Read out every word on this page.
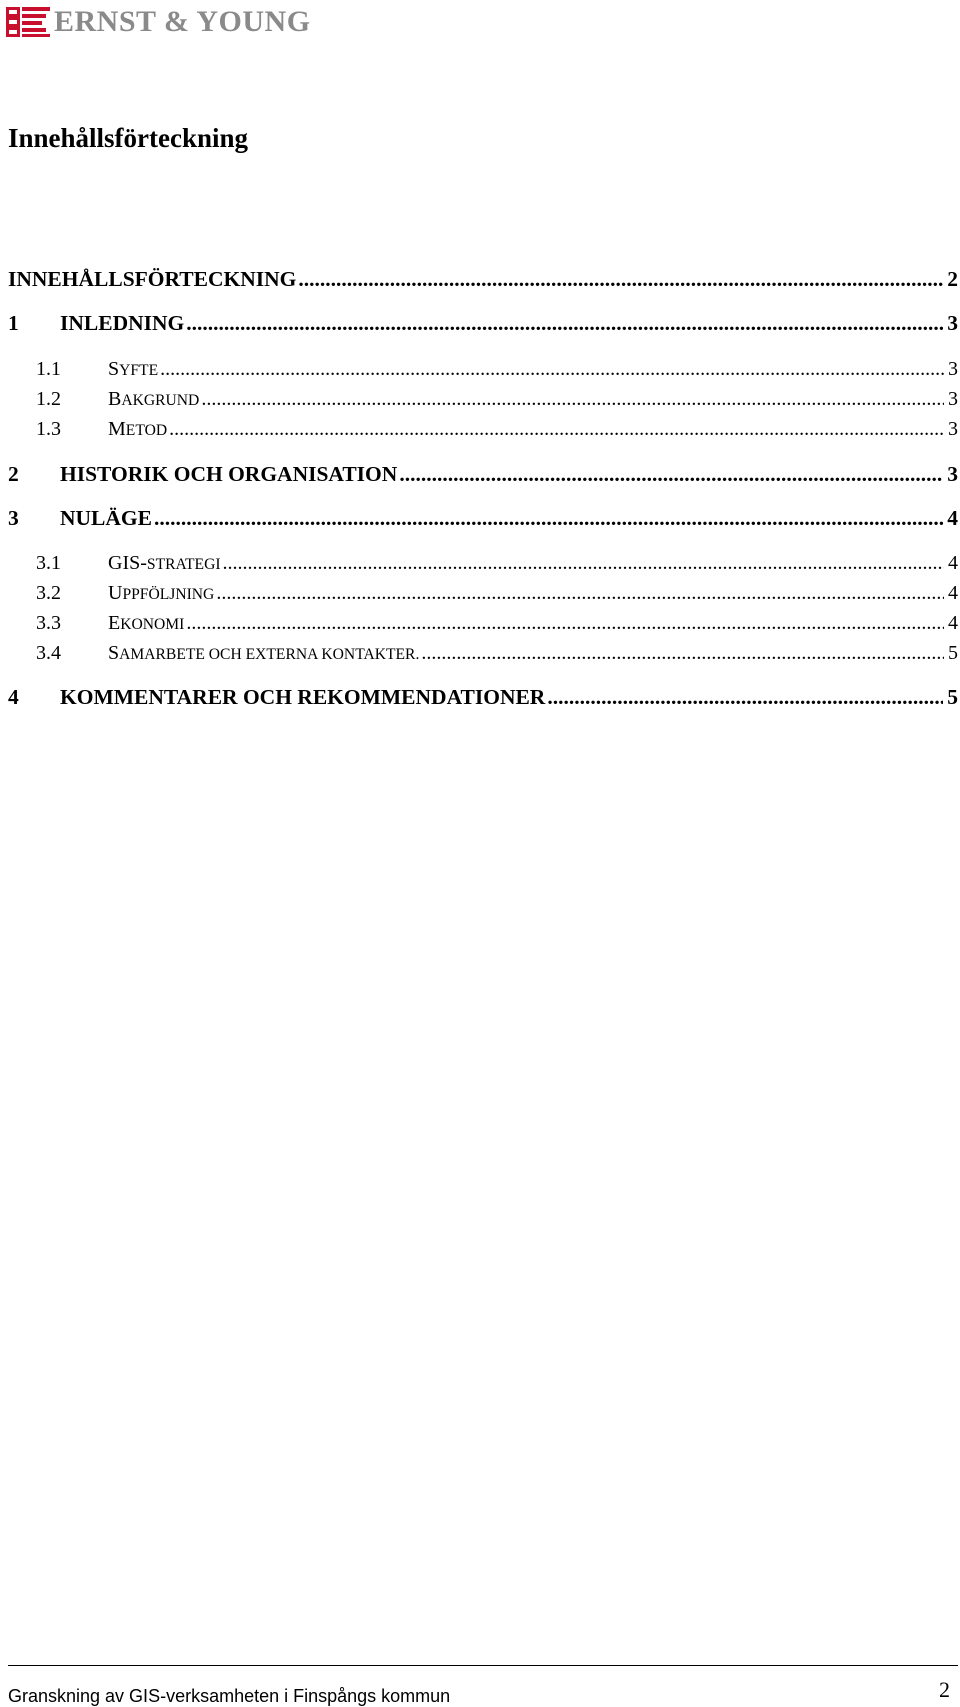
ERNST & YOUNG
Innehållsförteckning
INNEHÅLLSFÖRTECKNING .....	2
1	INLEDNING .....	3
1.1	SYFTE .....	3
1.2	BAKGRUND .....	3
1.3	METOD .....	3
2	HISTORIK OCH ORGANISATION .....	3
3	NULÄGE .....	4
3.1	GIS-STRATEGI .....	4
3.2	UPPFÖLJNING .....	4
3.3	EKONOMI .....	4
3.4	SAMARBETE OCH EXTERNA KONTAKTER. .....	5
4	KOMMENTARER OCH REKOMMENDATIONER .....	5
Granskning av GIS-verksamheten i Finspångs kommun	2
